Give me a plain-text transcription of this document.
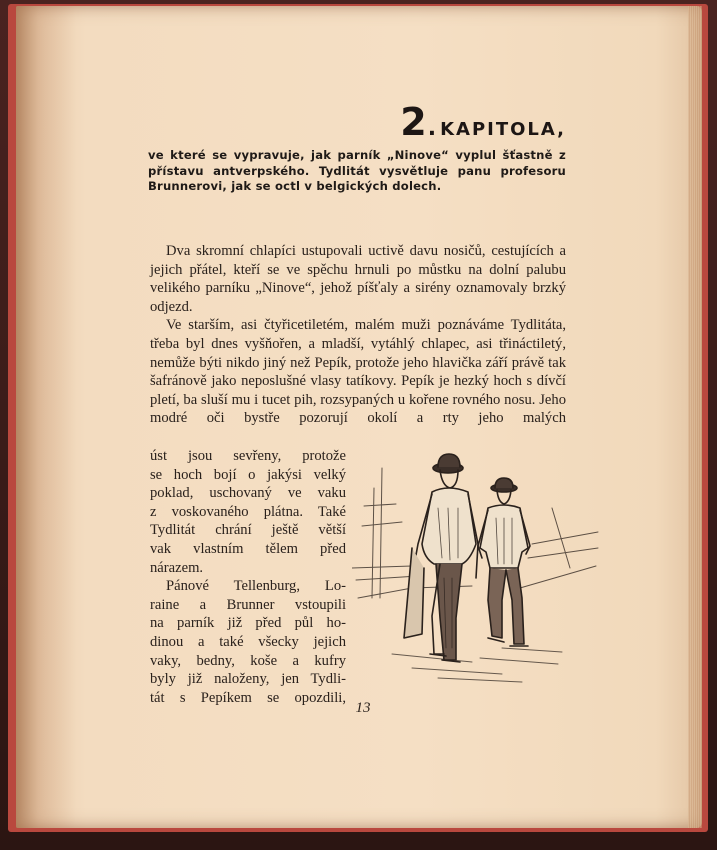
2. KAPITOLA,
ve které se vypravuje, jak parník „Ninove“ vyplul šťastně z přístavu antverpského. Tydlitát vysvětluje panu profesoru Brunnerovi, jak se octl v belgických dolech.

Dva skromní chlapíci ustupovali uctivě davu nosičů, cestujících a jejich přátel, kteří se ve spěchu hrnuli po můstku na dolní palubu velikého parníku „Ninove“, jehož píšťaly a sirény oznamovaly brzký odjezd.

Ve starším, asi čtyřicetiletém, malém muži poznáváme Tydlitáta, třeba byl dnes vyšňořen, a mladší, vytáhlý chlapec, asi třináctiletý, nemůže býti nikdo jiný než Pepík, protože jeho hlavička září právě tak šafránově jako neposlušné vlasy tatíkovy. Pepík je hezký hoch s dívčí pletí, ba sluší mu i tucet pih, rozsypaných u kořene rovného nosu. Jeho modré oči bystře pozorují okolí a rty jeho malých

úst jsou sevřeny, protože
se hoch bojí o jakýsi velký
poklad, uschovaný ve vaku
z voskovaného plátna. Také
Tydlitát chrání ještě větší
vak vlastním tělem před
nárazem.
Pánové Tellenburg, Lo-
raine a Brunner vstoupili
na parník již před půl ho-
dinou a také všecky jejich
vaky, bedny, koše a kufry
byly již naloženy, jen Tydli-
tát s Pepíkem se opozdili,
13
